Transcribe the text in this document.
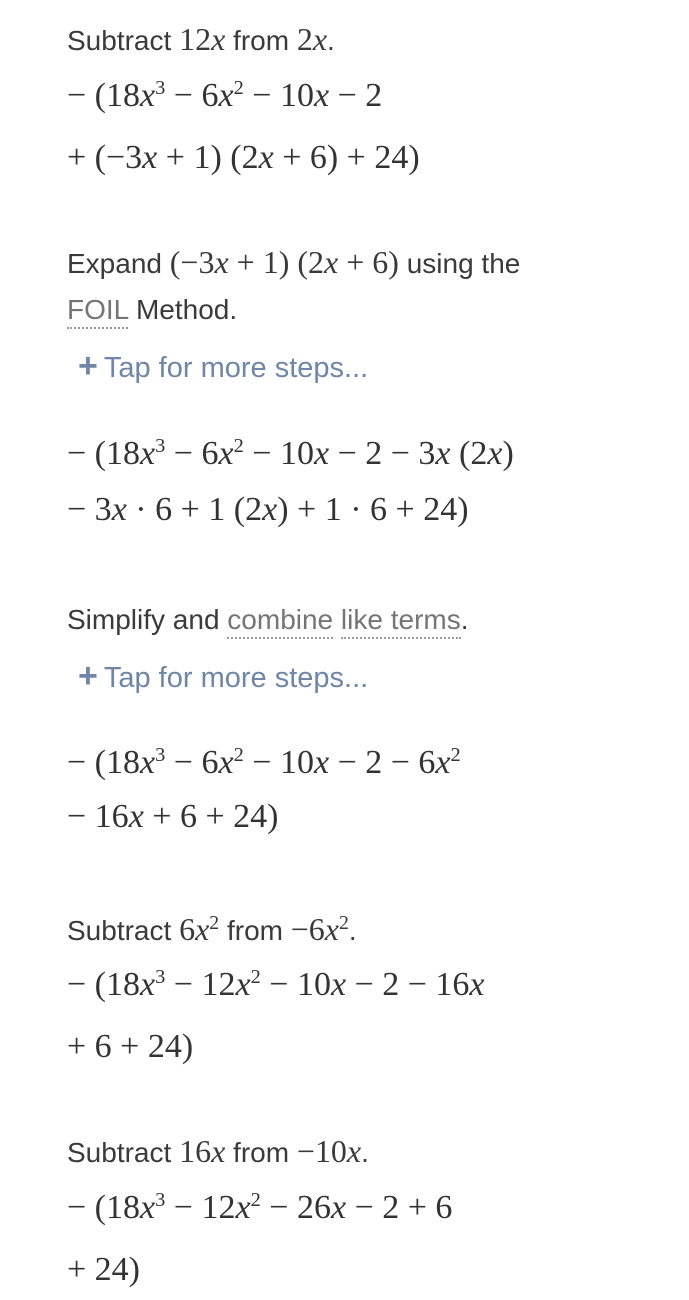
Subtract 12x from 2x.

− ($18x^3 - 6x^2 - 10x - 2$

+ (−3x + 1) (2x + 6) + 24)

Expand (−3x + 1) (2x + 6) using the
FOIL Method.
+ Tap for more steps...

− ($18x^3 - 6x^2 - 10x - 2 - 3x$ (2x)

− 3x · 6 + 1 (2x) + 1 · 6 + 24)

Simplify and combine like terms.
+ Tap for more steps...

− ($18x^3 - 6x^2 - 10x - 2 - 6x^2$

− 16x + 6 + 24)

Subtract $6x^2$ from $-6x^2$.

− ($18x^3 - 12x^2 - 10x - 2 - 16x$

+ 6 + 24)

Subtract 16x from −10x.

− ($18x^3 - 12x^2 - 26x - 2 + 6$

+ 24)
